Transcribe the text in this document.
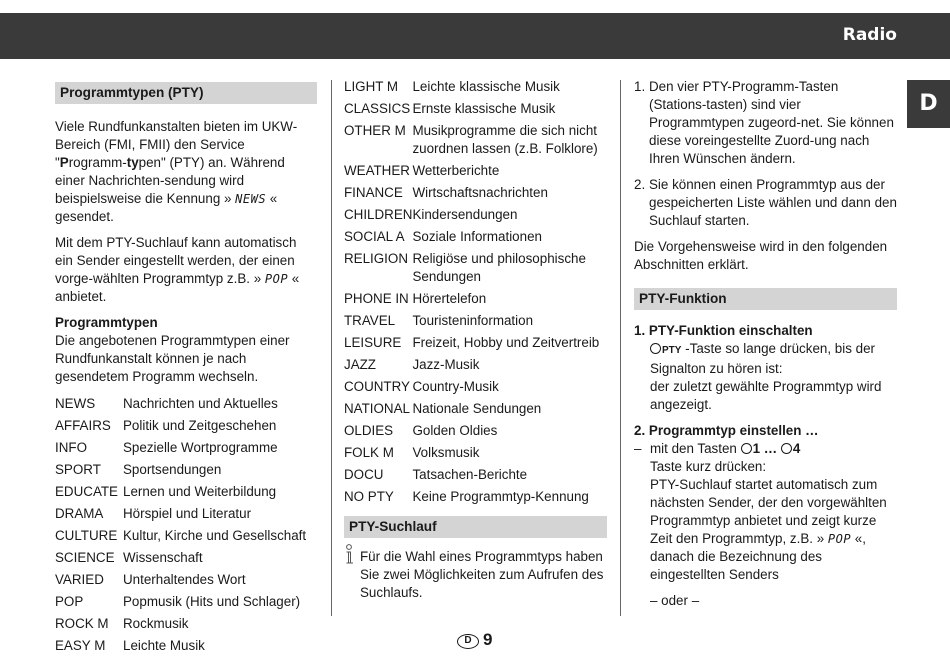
Radio
D
Programmtypen (PTY)

Viele Rundfunkanstalten bieten im UKW-Bereich (FMI, FMII) den Service "Programm-typen" (PTY) an. Während einer Nachrichten-sendung wird beispielsweise die Kennung » NEWS « gesendet.

Mit dem PTY-Suchlauf kann automatisch ein Sender eingestellt werden, der einen vorge-wählten Programmtyp z.B. » POP « anbietet.

Programmtypen

Die angebotenen Programmtypen einer Rundfunkanstalt können je nach gesendetem Programm wechseln.

NEWS	Nachrichten und Aktuelles
AFFAIRS	Politik und Zeitgeschehen
INFO	Spezielle Wortprogramme
SPORT	Sportsendungen
EDUCATE	Lernen und Weiterbildung
DRAMA	Hörspiel und Literatur
CULTURE	Kultur, Kirche und Gesellschaft
SCIENCE	Wissenschaft
VARIED	Unterhaltendes Wort
POP	Popmusik (Hits und Schlager)
ROCK M	Rockmusik
EASY M	Leichte Musik
LIGHT M	Leichte klassische Musik
CLASSICS	Ernste klassische Musik
OTHER M	Musikprogramme die sich nicht zuordnen lassen (z.B. Folklore)
WEATHER	Wetterberichte
FINANCE	Wirtschaftsnachrichten
CHILDREN	Kindersendungen
SOCIAL A	Soziale Informationen
RELIGION	Religiöse und philosophische Sendungen
PHONE IN	Hörertelefon
TRAVEL	Touristeninformation
LEISURE	Freizeit, Hobby und Zeitvertreib
JAZZ	Jazz-Musik
COUNTRY	Country-Musik
NATIONAL	Nationale Sendungen
OLDIES	Golden Oldies
FOLK M	Volksmusik
DOCU	Tatsachen-Berichte
NO PTY	Keine Programmtyp-Kennung
PTY-Suchlauf
Für die Wahl eines Programmtyps haben Sie zwei Möglichkeiten zum Aufrufen des Suchlaufs.
1. Den vier PTY-Programm-Tasten (Stations-tasten) sind vier Programmtypen zugeord-net. Sie können diese voreingestellte Zuord-ung nach Ihren Wünschen ändern.
2. Sie können einen Programmtyp aus der gespeicherten Liste wählen und dann den Suchlauf starten.

Die Vorgehensweise wird in den folgenden Abschnitten erklärt.

PTY-Funktion
1. PTY-Funktion einschalten
PTY -Taste so lange drücken, bis der Signalton zu hören ist:
der zuletzt gewählte Programmtyp wird angezeigt.
2. Programmtyp einstellen …
– mit den Tasten 1 … 4
Taste kurz drücken:
PTY-Suchlauf startet automatisch zum nächsten Sender, der den vorgewählten Programmtyp anbietet und zeigt kurze Zeit den Programmtyp, z.B. » POP «, danach die Bezeichnung des eingestellten Senders
– oder –
D 9
